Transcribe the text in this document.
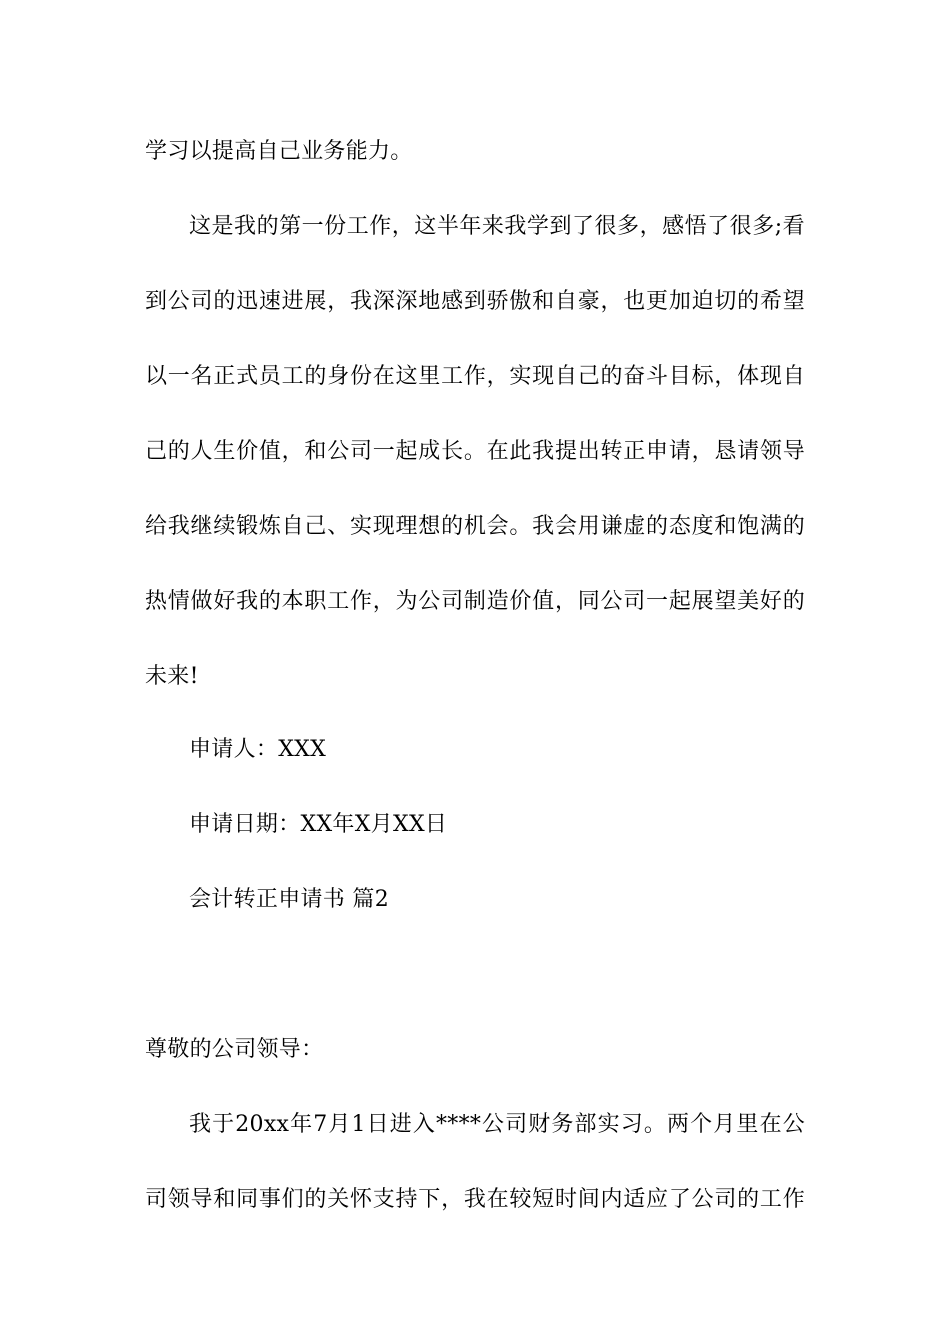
学习以提高自己业务能力。
这是我的第一份工作，这半年来我学到了很多，感悟了很多;看
到公司的迅速进展，我深深地感到骄傲和自豪，也更加迫切的希望
以一名正式员工的身份在这里工作，实现自己的奋斗目标，体现自
己的人生价值，和公司一起成长。在此我提出转正申请，恳请领导
给我继续锻炼自己、实现理想的机会。我会用谦虚的态度和饱满的
热情做好我的本职工作，为公司制造价值，同公司一起展望美好的
未来!
申请人：XXX
申请日期：XX年X月XX日
会计转正申请书 篇2
尊敬的公司领导：
我于20xx年7月1日进入****公司财务部实习。两个月里在公
司领导和同事们的关怀支持下，我在较短时间内适应了公司的工作
